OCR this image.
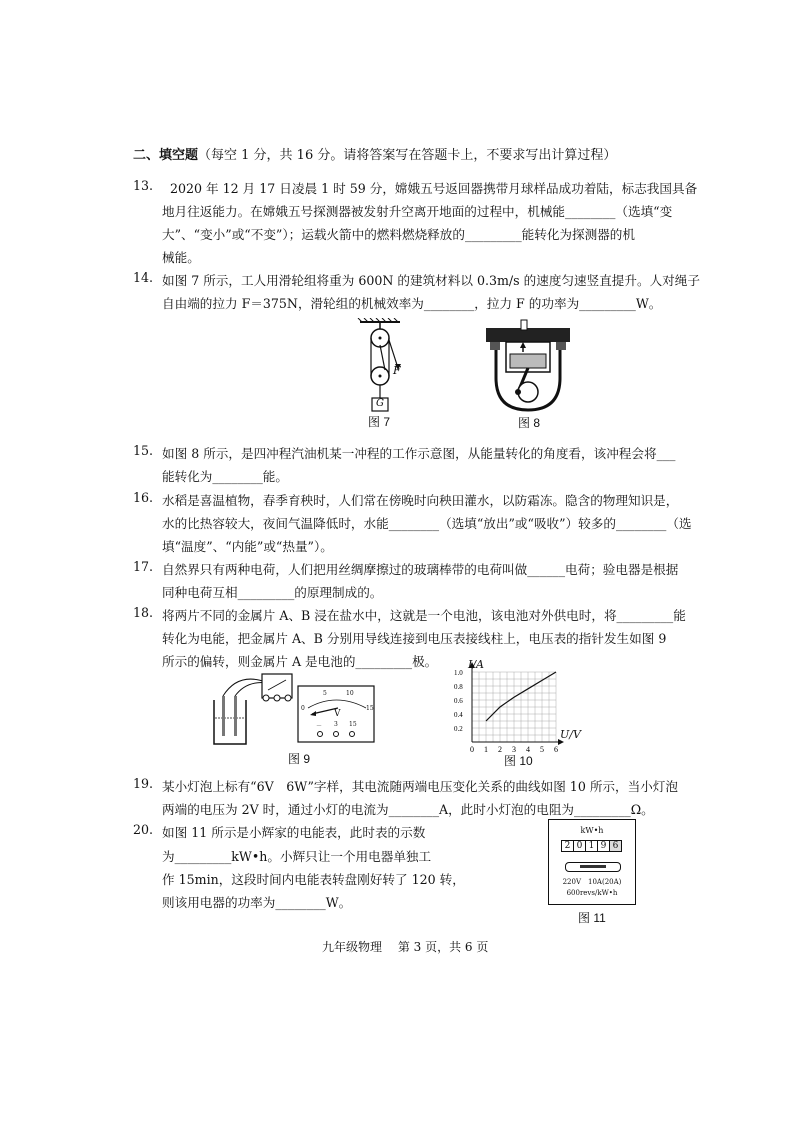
二、填空题（每空 1 分，共 16 分。请将答案写在答题卡上，不要求写出计算过程）
13. 2020 年 12 月 17 日凌晨 1 时 59 分，嫦娥五号返回器携带月球样品成功着陆，标志我国具备
地月往返能力。在嫦娥五号探测器被发射升空离开地面的过程中，机械能________（选填“变
大”、“变小”或“不变”）；运载火箭中的燃料燃烧释放的_________能转化为探测器的机
械能。
14. 如图 7 所示，工人用滑轮组将重为 600N 的建筑材料以 0.3m/s 的速度匀速竖直提升。人对绳子
自由端的拉力 F＝375N，滑轮组的机械效率为________，拉力 F 的功率为_________W。
F
G
图 7	图 8
15. 如图 8 所示，是四冲程汽油机某一冲程的工作示意图，从能量转化的角度看，该冲程会将___
能转化为________能。
16. 水稻是喜温植物，春季育秧时，人们常在傍晚时向秧田灌水，以防霜冻。隐含的物理知识是，
水的比热容较大，夜间气温降低时，水能________（选填“放出”或“吸收”）较多的________（选
填“温度”、“内能”或“热量”）。
17. 自然界只有两种电荷，人们把用丝绸摩擦过的玻璃棒带的电荷叫做______电荷；验电器是根据
同种电荷互相_________的原理制成的。
18. 将两片不同的金属片 A、B 浸在盐水中，这就是一个电池，该电池对外供电时，将_________能
转化为电能，把金属片 A、B 分别用导线连接到电压表接线柱上，电压表的指针发生如图 9
所示的偏转，则金属片 A 是电池的_________极。
V
0
5	10
15
－ 3 15
图 9
0 1 2 3 4 5 6
1.0
0.8
0.6
0.4
0.2
I/A
U/V
图 10
19. 某小灯泡上标有“6V　6W”字样，其电流随两端电压变化关系的曲线如图 10 所示，当小灯泡
两端的电压为 2V 时，通过小灯的电流为________A，此时小灯泡的电阻为_________Ω。
20. 如图 11 所示是小辉家的电能表，此时表的示数
为_________kW•h。小辉只让一个用电器单独工
作 15min，这段时间内电能表转盘刚好转了 120 转，
则该用电器的功率为________W。
kW•h
2 0 1 9 6
220V　10A(20A)
600revs/kW•h
图 11
九年级物理　 第 3 页，共 6 页
